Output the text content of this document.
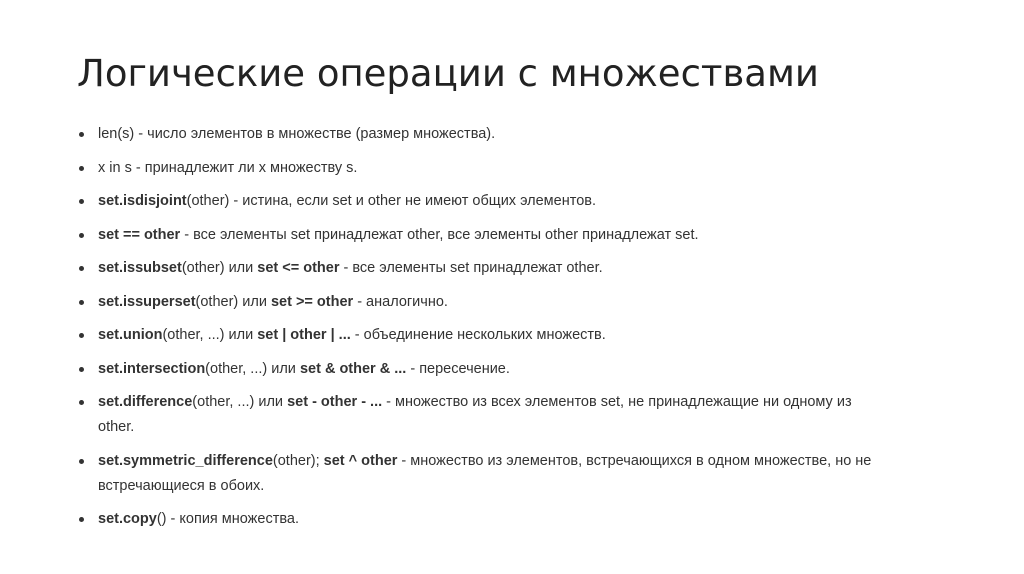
Логические операции с множествами
len(s) - число элементов в множестве (размер множества).
x in s - принадлежит ли x множеству s.
set.isdisjoint(other) - истина, если set и other не имеют общих элементов.
set == other - все элементы set принадлежат other, все элементы other принадлежат set.
set.issubset(other) или set <= other - все элементы set принадлежат other.
set.issuperset(other) или set >= other - аналогично.
set.union(other, ...) или set | other | ... - объединение нескольких множеств.
set.intersection(other, ...) или set & other & ... - пересечение.
set.difference(other, ...) или set - other - ... - множество из всех элементов set, не принадлежащие ни одному из other.
set.symmetric_difference(other); set ^ other - множество из элементов, встречающихся в одном множестве, но не встречающиеся в обоих.
set.copy() - копия множества.
